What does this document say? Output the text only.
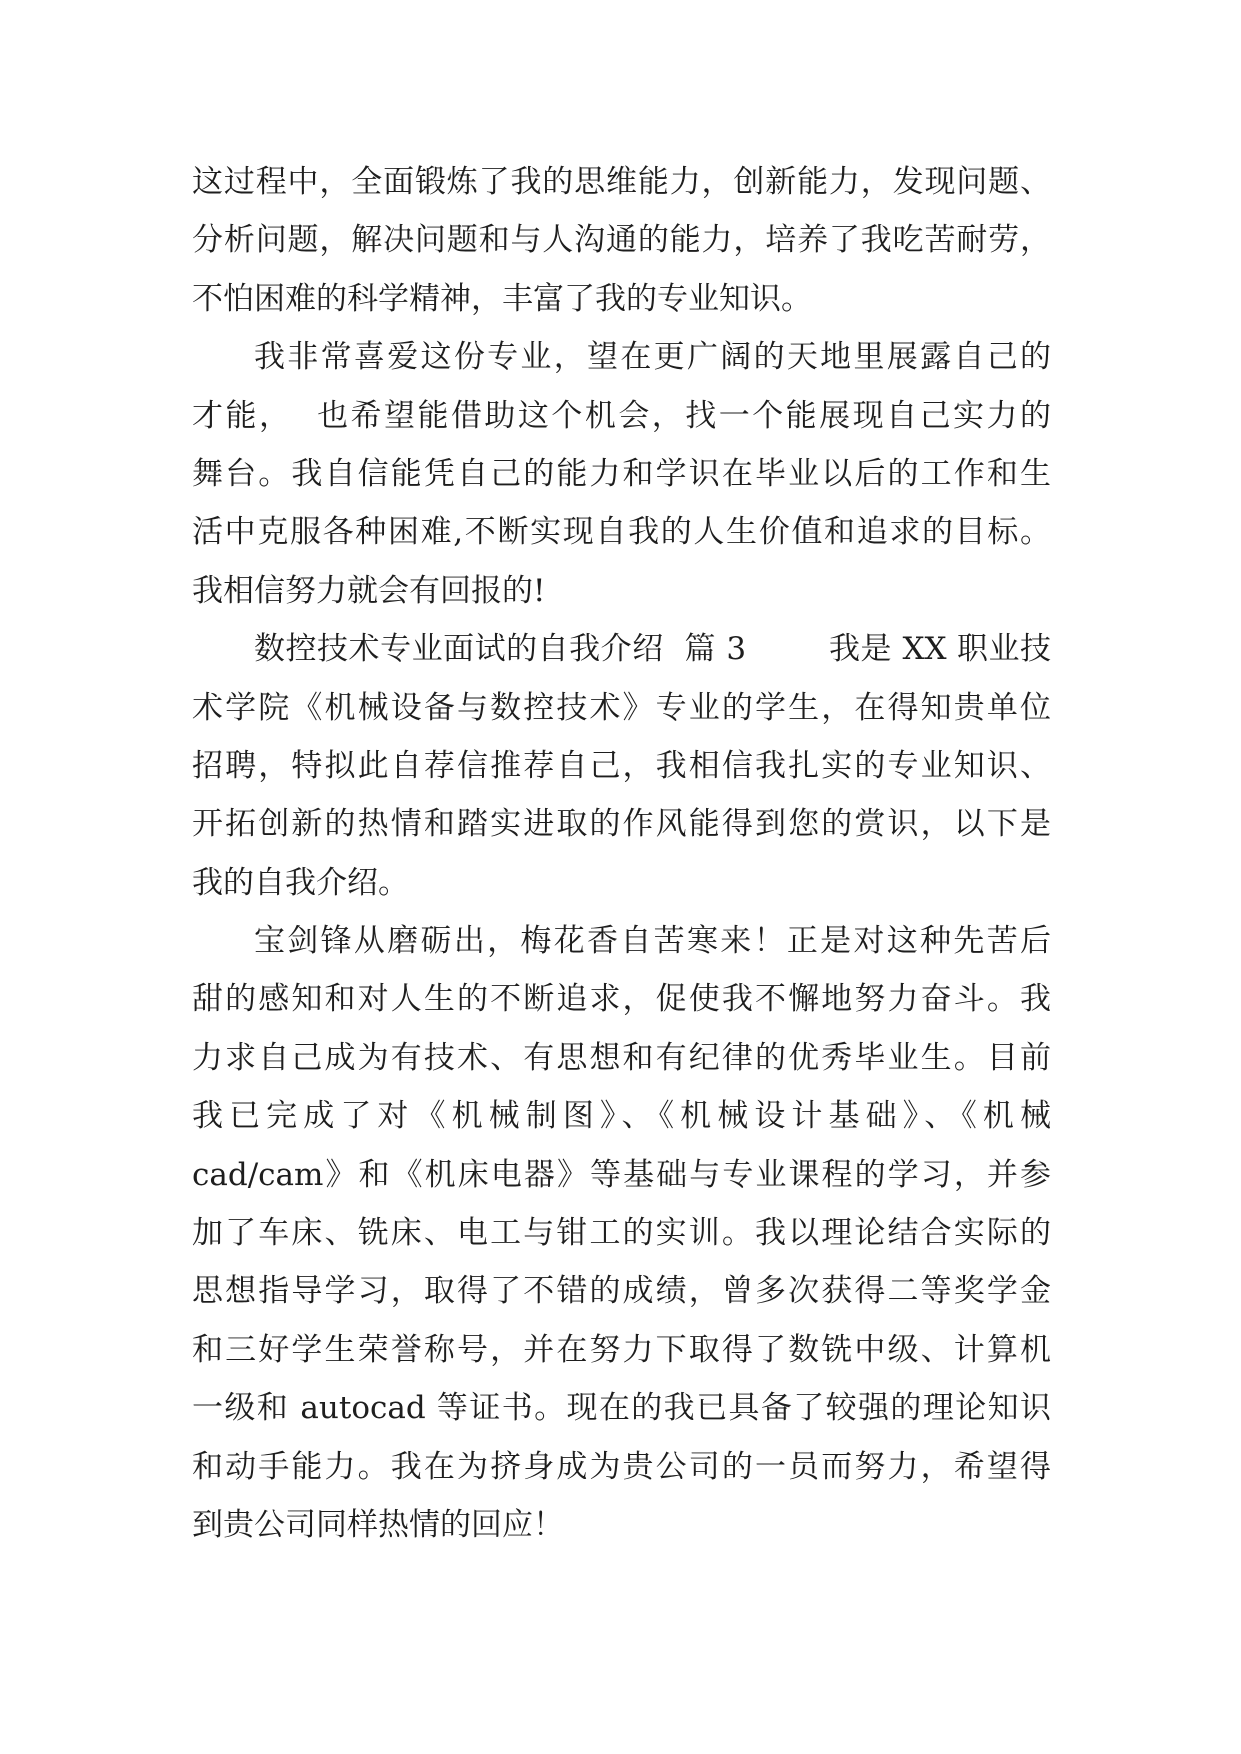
这过程中，全面锻炼了我的思维能力，创新能力，发现问题、
分析问题，解决问题和与人沟通的能力，培养了我吃苦耐劳，
不怕困难的科学精神，丰富了我的专业知识。
我非常喜爱这份专业，望在更广阔的天地里展露自己的
才能，  也希望能借助这个机会，找一个能展现自己实力的
舞台。我自信能凭自己的能力和学识在毕业以后的工作和生
活中克服各种困难,不断实现自我的人生价值和追求的目标。
我相信努力就会有回报的!
数控技术专业面试的自我介绍  篇 3        我是 XX 职业技
术学院《机械设备与数控技术》专业的学生，在得知贵单位
招聘，特拟此自荐信推荐自己，我相信我扎实的专业知识、
开拓创新的热情和踏实进取的作风能得到您的赏识，以下是
我的自我介绍。
宝剑锋从磨砺出，梅花香自苦寒来！正是对这种先苦后
甜的感知和对人生的不断追求，促使我不懈地努力奋斗。我
力求自己成为有技术、有思想和有纪律的优秀毕业生。目前
我已完成了对《机械制图》、《机械设计基础》、《机械
cad/cam》和《机床电器》等基础与专业课程的学习，并参
加了车床、铣床、电工与钳工的实训。我以理论结合实际的
思想指导学习，取得了不错的成绩，曾多次获得二等奖学金
和三好学生荣誉称号，并在努力下取得了数铣中级、计算机
一级和 autocad 等证书。现在的我已具备了较强的理论知识
和动手能力。我在为挤身成为贵公司的一员而努力，希望得
到贵公司同样热情的回应！
